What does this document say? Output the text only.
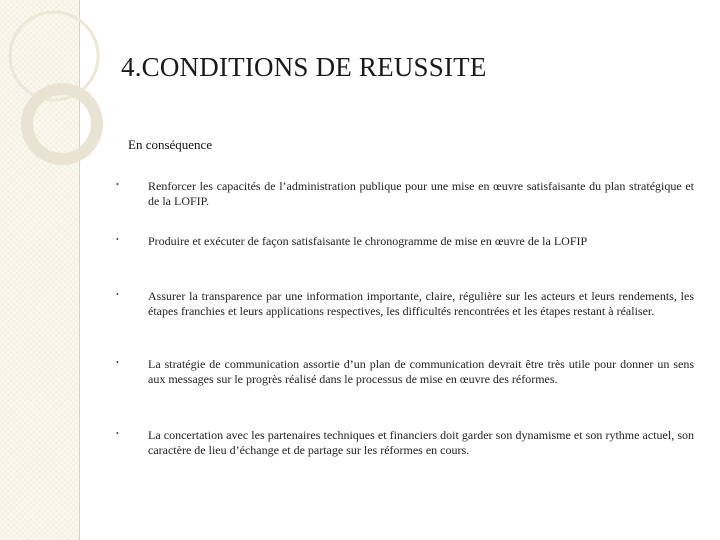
4.CONDITIONS DE REUSSITE
En conséquence
• Renforcer les capacités de l’administration publique pour une mise en œuvre satisfaisante du plan stratégique et de la LOFIP.
• Produire et exécuter de façon satisfaisante le chronogramme de mise en œuvre de la LOFIP
• Assurer la transparence par une information importante, claire, régulière sur les acteurs et leurs rendements, les étapes franchies et leurs applications respectives, les difficultés rencontrées et les étapes restant à réaliser.
• La stratégie de communication assortie d’un plan de communication devrait être très utile pour donner un sens aux messages sur le progrès réalisé dans le processus de mise en œuvre des réformes.
• La concertation avec les partenaires techniques et financiers doit garder son dynamisme et son rythme actuel, son caractère de lieu d’échange et de partage sur les réformes en cours.
